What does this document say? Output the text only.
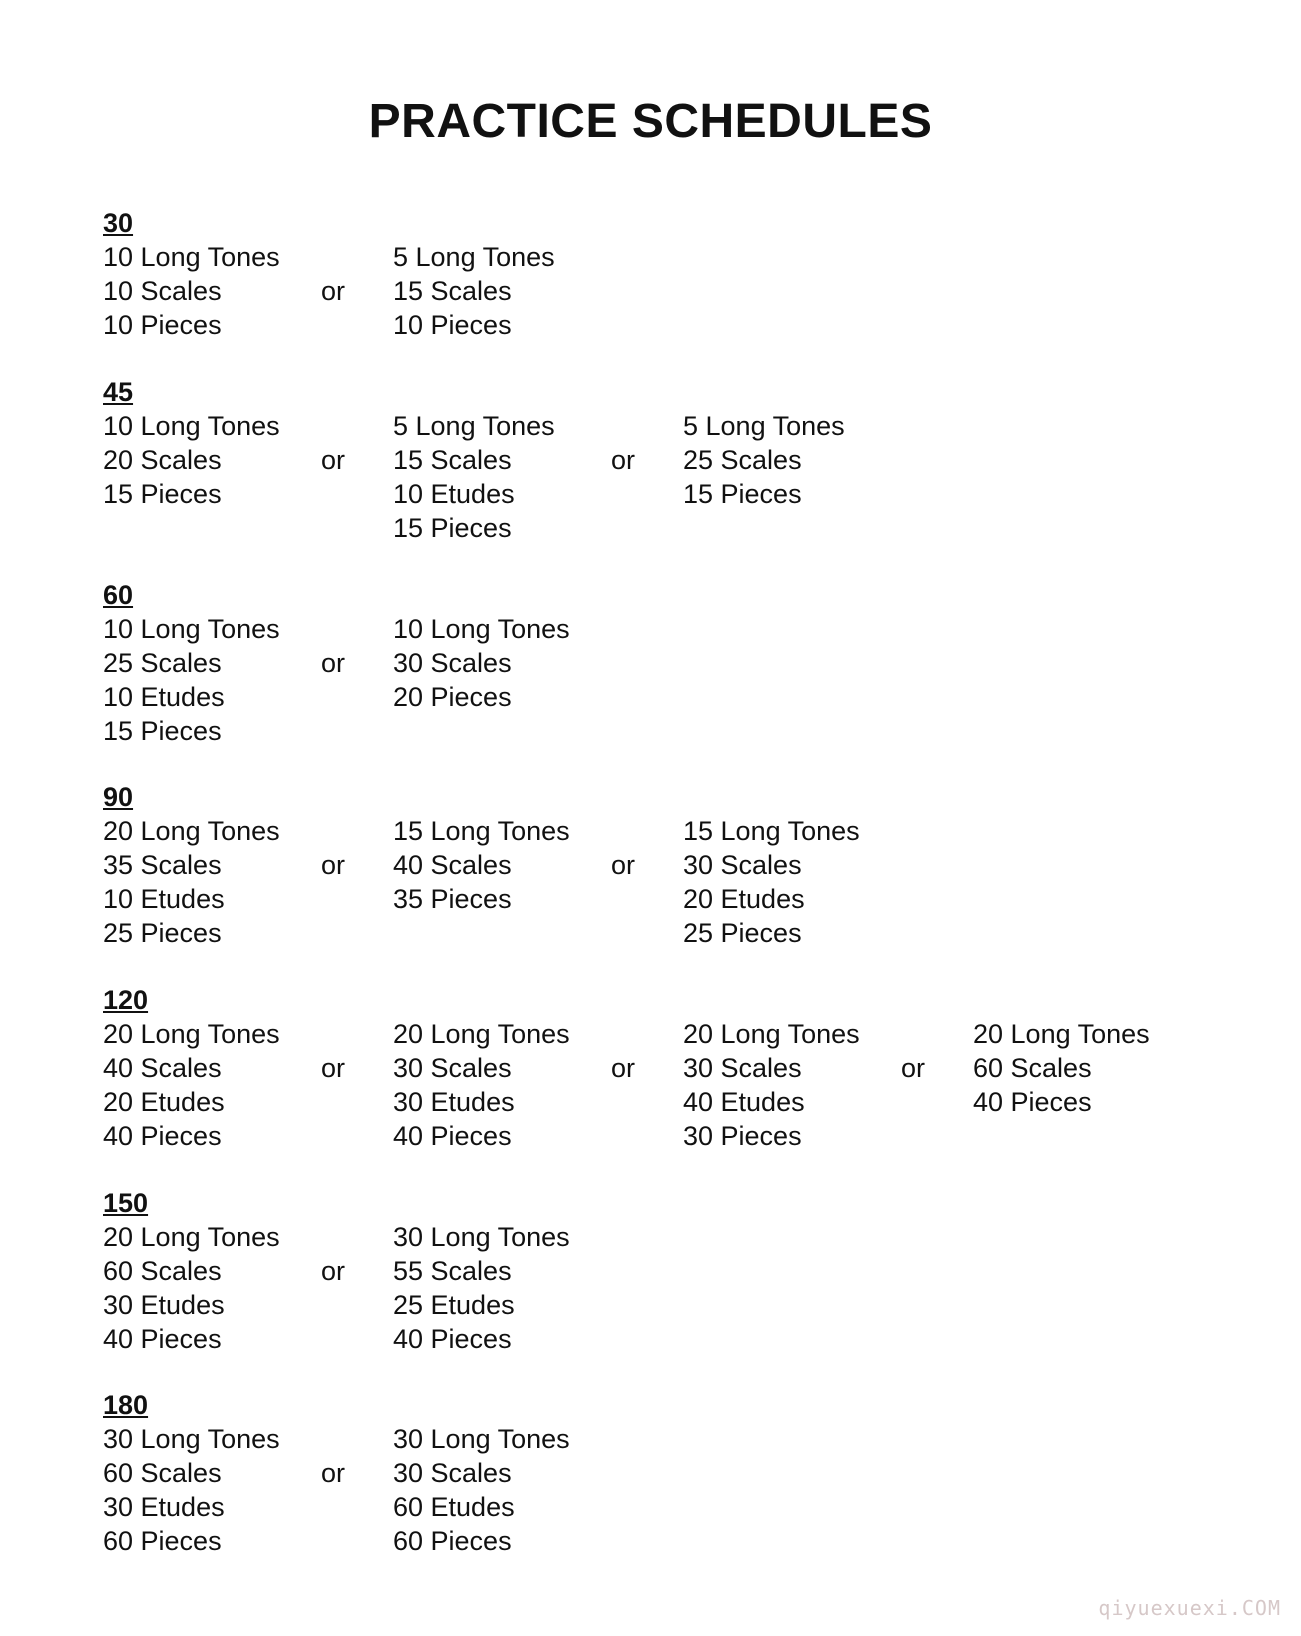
PRACTICE SCHEDULES
30
10 Long Tones
10 Scales
10 Pieces
or
5 Long Tones
15 Scales
10 Pieces
45
10 Long Tones
20 Scales
15 Pieces
or
5 Long Tones
15 Scales
10 Etudes
15 Pieces
or
5 Long Tones
25 Scales
15 Pieces
60
10 Long Tones
25 Scales
10 Etudes
15 Pieces
or
10 Long Tones
30 Scales
20 Pieces
90
20 Long Tones
35 Scales
10 Etudes
25 Pieces
or
15 Long Tones
40 Scales
35 Pieces
or
15 Long Tones
30 Scales
20 Etudes
25 Pieces
120
20 Long Tones
40 Scales
20 Etudes
40 Pieces
or
20 Long Tones
30 Scales
30 Etudes
40 Pieces
or
20 Long Tones
30 Scales
40 Etudes
30 Pieces
or
20 Long Tones
60 Scales
40 Pieces
150
20 Long Tones
60 Scales
30 Etudes
40 Pieces
or
30 Long Tones
55 Scales
25 Etudes
40 Pieces
180
30 Long Tones
60 Scales
30 Etudes
60 Pieces
or
30 Long Tones
30 Scales
60 Etudes
60 Pieces
qiyuexuexi.COM
